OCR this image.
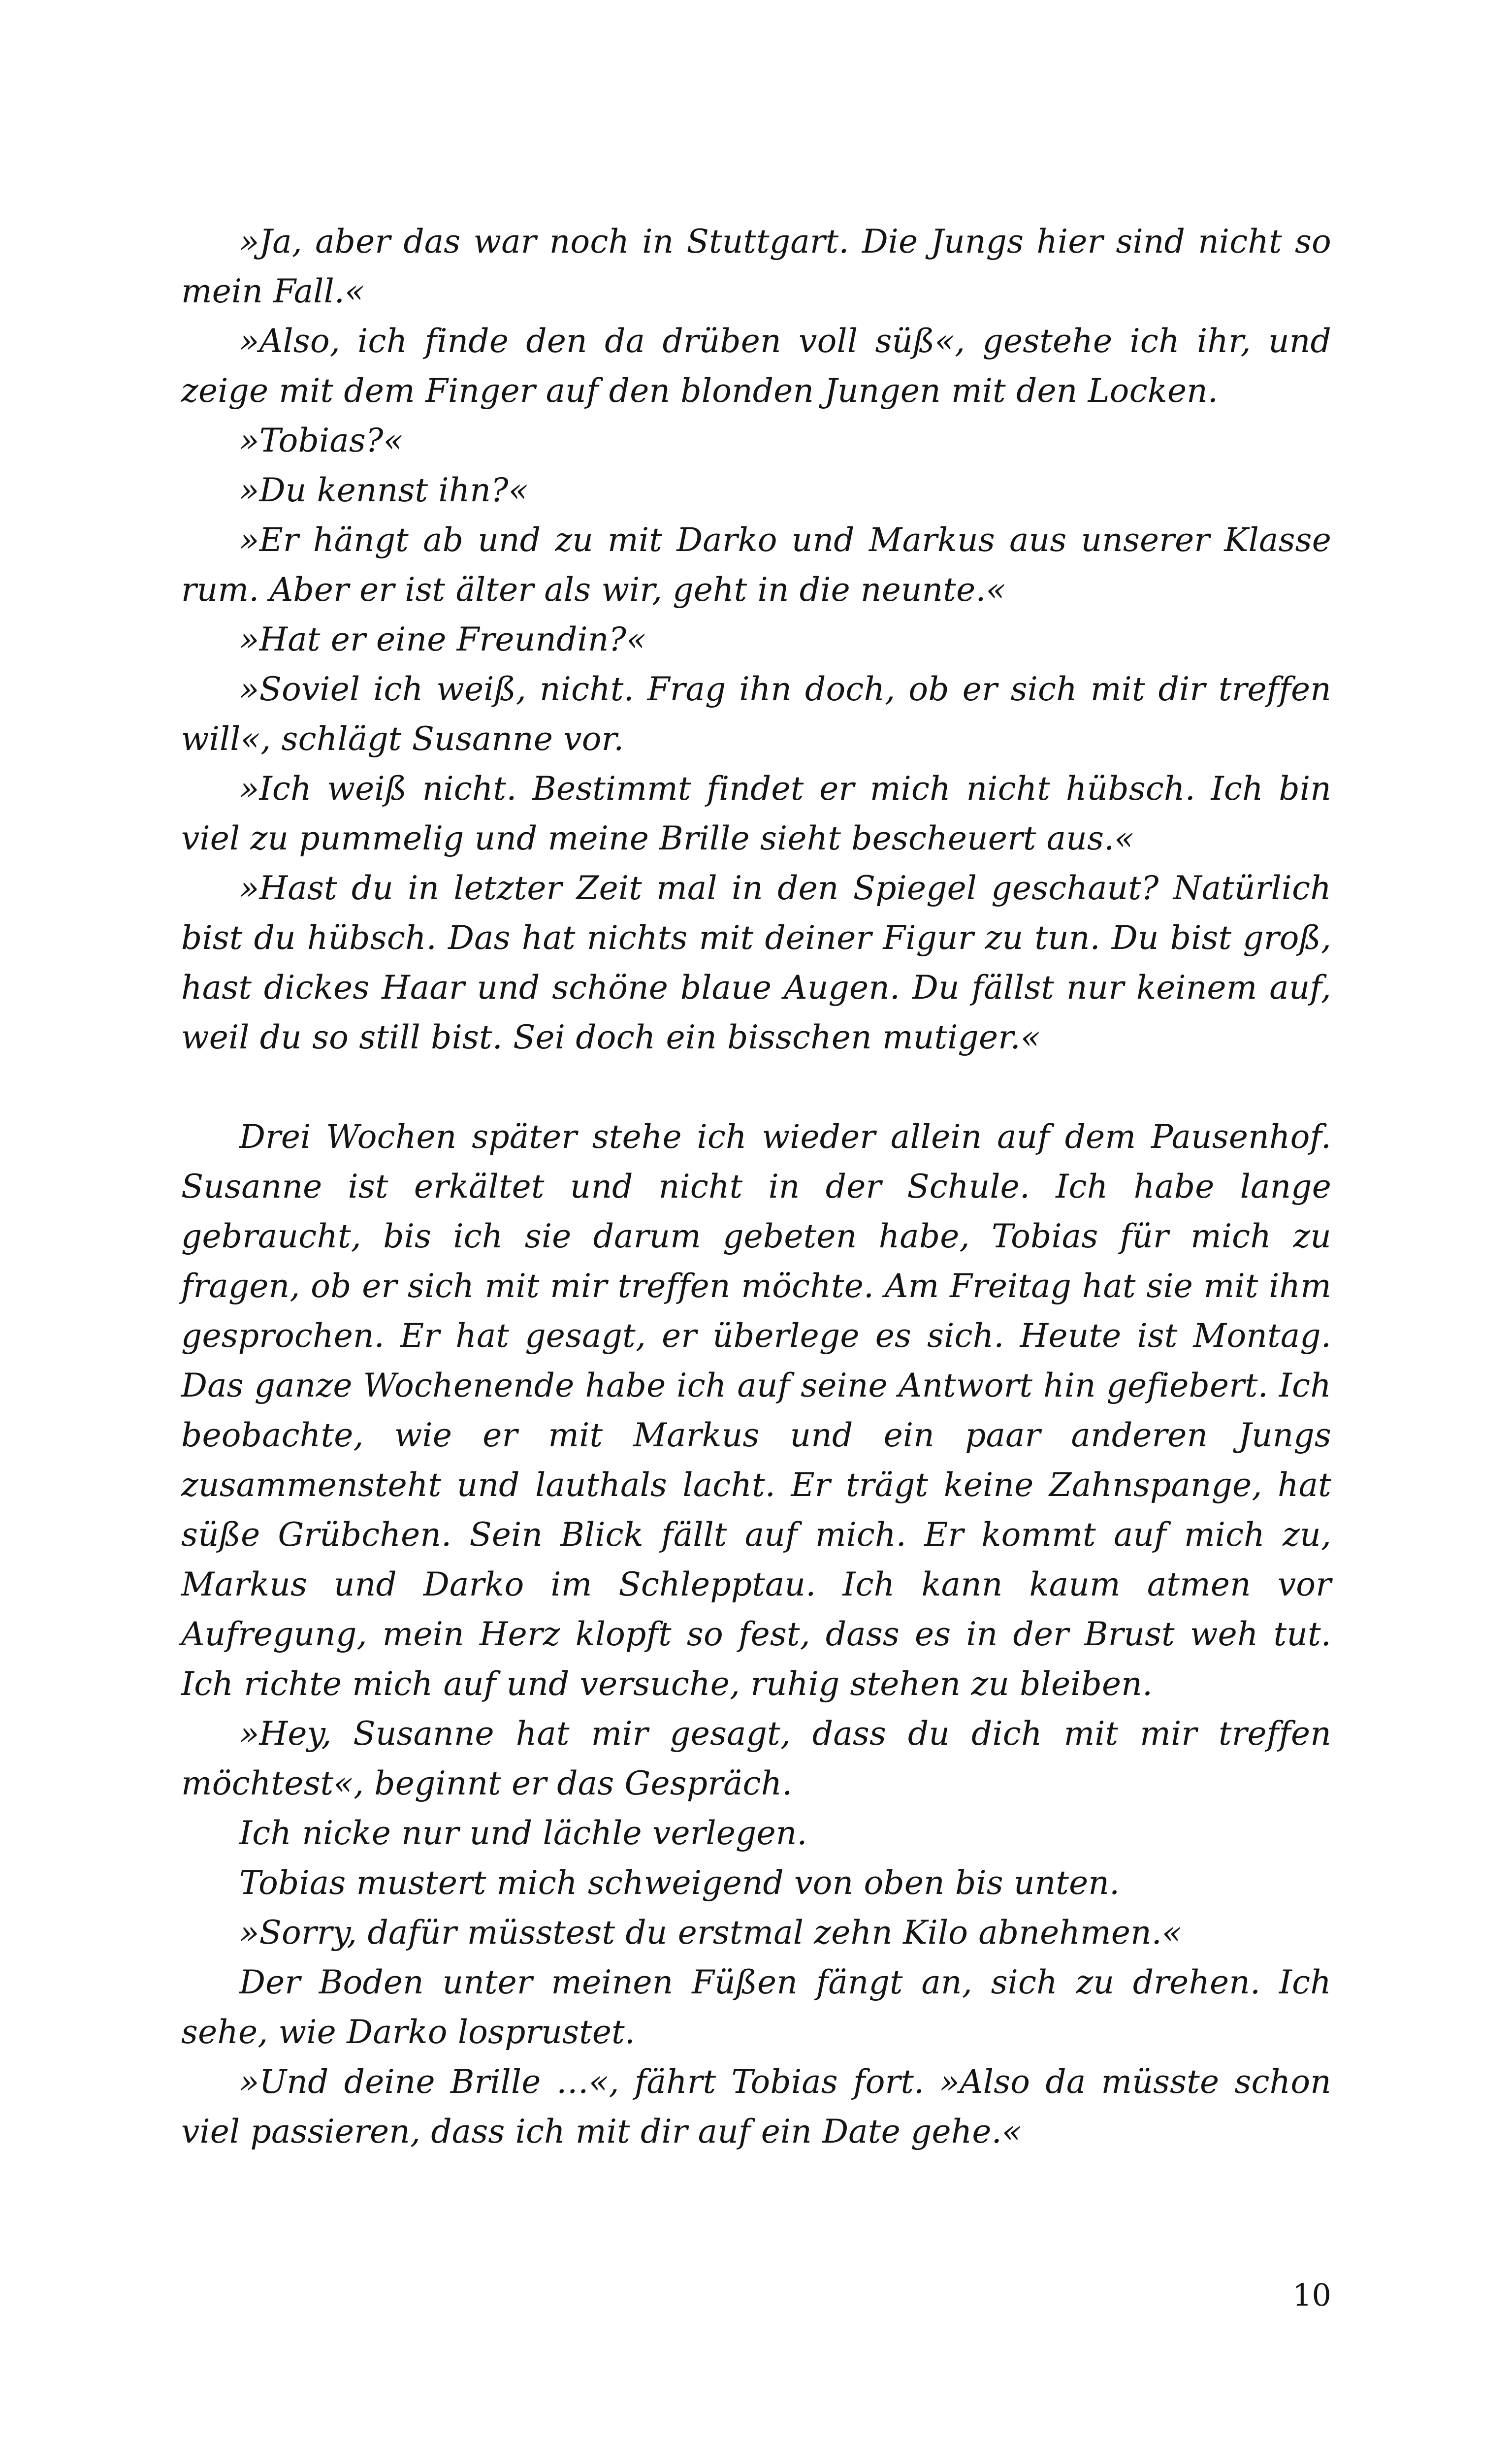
»Ja, aber das war noch in Stuttgart. Die Jungs hier sind nicht so mein Fall.«

»Also, ich finde den da drüben voll süß«, gestehe ich ihr, und zeige mit dem Finger auf den blonden Jungen mit den Locken.

»Tobias?«

»Du kennst ihn?«

»Er hängt ab und zu mit Darko und Markus aus unserer Klasse rum. Aber er ist älter als wir, geht in die neunte.«

»Hat er eine Freundin?«

»Soviel ich weiß, nicht. Frag ihn doch, ob er sich mit dir treffen will«, schlägt Susanne vor.

»Ich weiß nicht. Bestimmt findet er mich nicht hübsch. Ich bin viel zu pummelig und meine Brille sieht bescheuert aus.«

»Hast du in letzter Zeit mal in den Spiegel geschaut? Natürlich bist du hübsch. Das hat nichts mit deiner Figur zu tun. Du bist groß, hast dickes Haar und schöne blaue Augen. Du fällst nur keinem auf, weil du so still bist. Sei doch ein bisschen mutiger.«

Drei Wochen später stehe ich wieder allein auf dem Pausenhof. Susanne ist erkältet und nicht in der Schule. Ich habe lange gebraucht, bis ich sie darum gebeten habe, Tobias für mich zu fragen, ob er sich mit mir treffen möchte. Am Freitag hat sie mit ihm gesprochen. Er hat gesagt, er überlege es sich. Heute ist Montag. Das ganze Wochenende habe ich auf seine Antwort hin gefiebert. Ich beobachte, wie er mit Markus und ein paar anderen Jungs zusammensteht und lauthals lacht. Er trägt keine Zahnspange, hat süße Grübchen. Sein Blick fällt auf mich. Er kommt auf mich zu, Markus und Darko im Schlepptau. Ich kann kaum atmen vor Aufregung, mein Herz klopft so fest, dass es in der Brust weh tut. Ich richte mich auf und versuche, ruhig stehen zu bleiben.

»Hey, Susanne hat mir gesagt, dass du dich mit mir treffen möchtest«, beginnt er das Gespräch.

Ich nicke nur und lächle verlegen.

Tobias mustert mich schweigend von oben bis unten.

»Sorry, dafür müsstest du erstmal zehn Kilo abnehmen.«

Der Boden unter meinen Füßen fängt an, sich zu drehen. Ich sehe, wie Darko losprustet.

»Und deine Brille …«, fährt Tobias fort. »Also da müsste schon viel passieren, dass ich mit dir auf ein Date gehe.«

10
